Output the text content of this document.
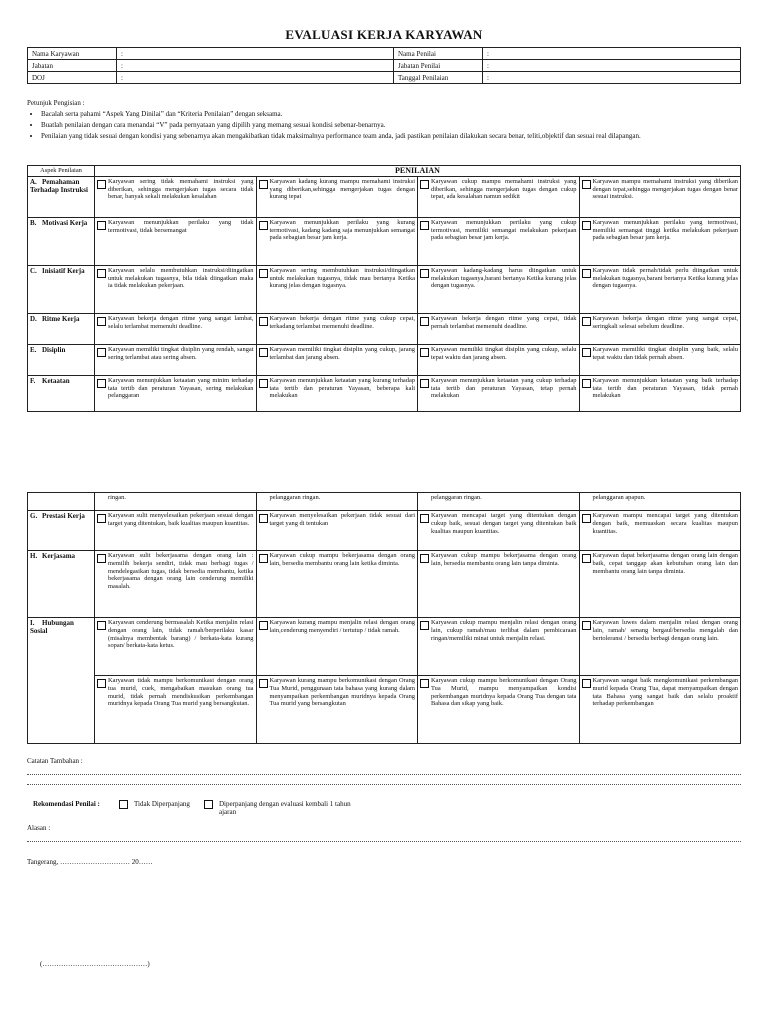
EVALUASI KERJA KARYAWAN
Nama Karyawan	:	Nama Penilai	:
Jabatan	:	Jabatan Penilai	:
DOJ	:	Tanggal Penilaian	:
Petunjuk Pengisian :
• Bacalah serta pahami “Aspek Yang Dinilai” dan “Kriteria Penilaian” dengan seksama.
• Buatlah penilaian dengan cara menandai “V” pada pernyataan yang dipilih yang memang sesuai kondisi sebenar-benarnya.
• Penilaian yang tidak sesuai dengan kondisi yang sebenarnya akan mengakibatkan tidak maksimalnya performance team anda, jadi pastikan penilaian dilakukan secara benar, teliti,objektif dan sesuai real dilapangan.
Aspek Penilaian	PENILAIAN			
A. Pemahaman Terhadap Instruksi	Karyawan sering tidak memahami instruksi yang diberikan, sehingga mengerjakan tugas secara tidak benar, banyak sekali melakukan kesalahan	Karyawan kadang kurang mampu memahami instruksi yang diberikan,sehingga mengerjakan tugas dengan kurang tepat	Karyawan cukup mampu memahami instruksi yang diberikan, sehingga mengerjakan tugas dengan cukup tepat, ada kesalahan namun sedikit	Karyawan mampu memahami instruksi yang diberikan dengan tepat,sehingga mengerjakan tugas dengan benar sesuai instruksi.
B. Motivasi Kerja	Karyawan menunjukkan perilaku yang tidak termotivasi, tidak bersemangat	Karyawan menunjukkan perilaku yang kurang termotivasi, kadang kadang saja menunjukkan semangat pada sebagian besar jam kerja.	Karyawan menunjukkan perilaku yang cukup termotivasi, memiliki semangat melakukan pekerjaan pada sebagian besar jam kerja.	Karyawan menunjukkan perilaku yang termotivasi, memiliki semangat tinggi ketika melakukan pekerjaan pada sebagian besar jam kerja.
C. Inisiatif Kerja	Karyawan selalu membutuhkan instruksi/diingatkan untuk melakukan tugasnya, bila tidak diingatkan maka ia tidak melakukan pekerjaan.	Karyawan sering membutuhkan instruksi/diingatkan untuk melakukan tugasnya, tidak mau bertanya Ketika kurang jelas dengan tugasnya.	Karyawan kadang-kadang harus diingatkan untuk melakukan tugasnya,barani bertanya Ketika kurang jelas dengan tugasnya.	Karyawan tidak pernah/tidak perlu diingatkan untuk melakukan tugasnya,barani bertanya Ketika kurang jelas dengan tugasnya.
D. Ritme Kerja	Karyawan bekerja dengan ritme yang sangat lambat, selalu terlambat memenuhi deadline.	Karyawan bekerja dengan ritme yang cukup cepat, terkadang terlambat memenuhi deadline.	Karyawan bekerja dengan ritme yang cepat, tidak pernah terlambat memenuhi deadline.	Karyawan bekerja dengan ritme yang sangat cepat, seringkali selesai sebelum deadline.
E. Disiplin	Karyawan memiliki tingkat disiplin yang rendah, sangat sering terlambat atau sering absen.	Karyawan memiliki tingkat disiplin yang cukup, jarang terlambat dan jarang absen.	Karyawan memiliki tingkat disiplin yang cukup, selalu tepat waktu dan jarang absen.	Karyawan memiliki tingkat disiplin yang baik, selalu tepat waktu dan tidak pernah absen.
F. Ketaatan	Karyawan menunjukkan ketaatan yang minim terhadap tata tertib dan peraturan Yayasan, sering melakukan pelanggaran	Karyawan menunjukkan ketaatan yang kurang terhadap tata tertib dan peraturan Yayasan, beberapa kali melakukan	Karyawan menunjukkan ketaatan yang cukup terhadap tata tertib dan peraturan Yayasan, tetap pernah melakukan	Karyawan menunjukkan ketaatan yang baik terhadap tata tertib dan peraturan Yayasan, tidak pernah melakukan
	ringan.	pelanggaran ringan.	pelanggaran ringan.	pelanggaran apapun.
G. Prestasi Kerja	Karyawan sulit menyelesaikan pekerjaan sesuai dengan target yang ditentukan, baik kualitas maupun kuantitas.	Karyawan menyelesaikan pekerjaan tidak sesuai dari target yang di tentukan	Karyawan mencapai target yang ditentukan dengan cukup baik, sesuai dengan target yang ditentukan baik kualitas maupun kuantitas.	Karyawan mampu mencapai target yang ditentukan dengan baik, memuaskan secara kualitas maupun kuantitas.
H. Kerjasama	Karyawan sulit bekerjasama dengan orang lain : memilih bekerja sendiri, tidak mau berbagi tugas / mendelegasikan tugas, tidak bersedia membantu, ketika bekerjasama dengan orang lain cenderung memiliki masalah.	Karyawan cukup mampu bekerjasama dengan orang lain, bersedia membantu orang lain ketika diminta.	Karyawan cukup mampu bekerjasama dengan orang lain, bersedia membantu orang lain tanpa diminta.	Karyawan dapat bekerjasama dengan orang lain dengan baik, cepat tanggap akan kebutuhan orang lain dan membantu orang lain tanpa diminta.
I. Hubungan Sosial	Karyawan cenderung bermasalah Ketika menjalin relasi dengan orang lain, tidak ramah/berperilaku kasar (misalnya membentak barang) / berkata-kata kurang sopan/ berkata-kata ketus.	Karyawan kurang mampu menjalin relasi dengan orang lain,cenderung menyendiri / tertutup / tidak ramah.	Karyawan cukup mampu menjalin relasi dengan orang lain, cukup ramah/mau terlibat dalam pembicaraan ringan/memiliki minat untuk menjalin relasi.	Karyawan luwes dalam menjalin relasi dengan orang lain, ramah/ senang bergaul/bersedia mengalah dan bertoleransi / bersedia berbagi dengan orang lain.

Karyawan tidak mampu berkomunikasi dengan orang tua murid, cuek, mengabaikan masukan orang tua murid, tidak pernah mendiskusikan perkembangan muridnya kepada Orang Tua murid yang bersangkutan.	Karyawan kurang mampu berkomunikasi dengan Orang Tua Murid, penggunaan tata bahasa yang kurang dalam menyampaikan perkembangan muridnya kepada Orang Tua murid yang bersangkutan	Karyawan cukup mampu berkomunikasi dengan Orang Tua Murid, mampu menyampaikan kondisi perkembangan muridnya kepada Orang Tua dengan tata Bahasa dan sikap yang baik.	Karyawan sangat baik mengkomunikasi perkembangan murid kepada Orang Tua, dapat menyampaikan dengan tata Bahasa yang sangat baik dan selalu proaktif terhadap perkembangan
Catatan Tambahan :
Rekomendasi Penilai :	Tidak Diperpanjang	Diperpanjang dengan evaluasi kembali 1 tahun ajaran
Alasan :
Tangerang, ………………………… 20……
(………………………………………)
